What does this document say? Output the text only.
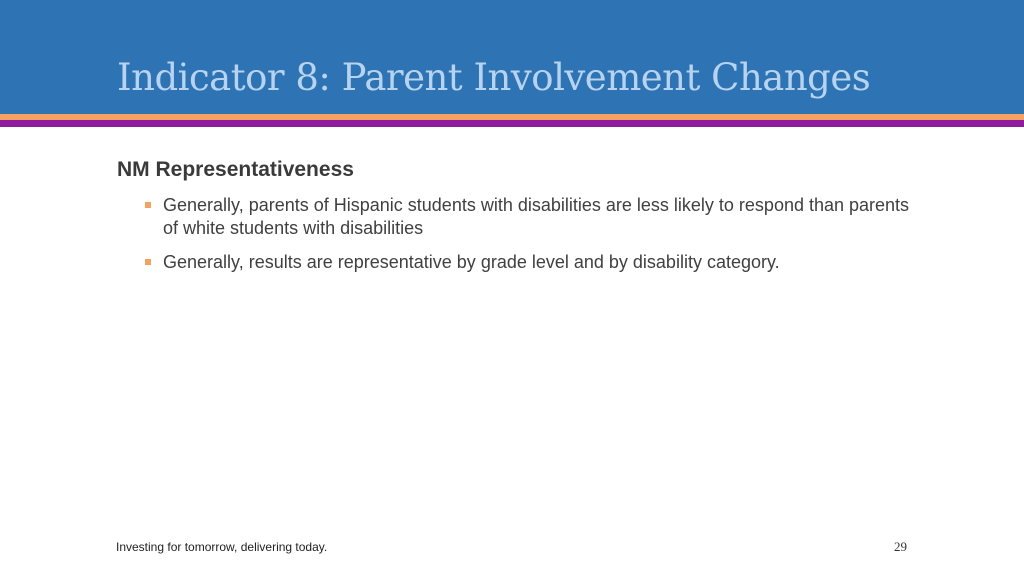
Indicator 8: Parent Involvement Changes
NM Representativeness
Generally, parents of Hispanic students with disabilities are less likely to respond than parents of white students with disabilities
Generally, results are representative by grade level and by disability category.
Investing for tomorrow, delivering today.	29
